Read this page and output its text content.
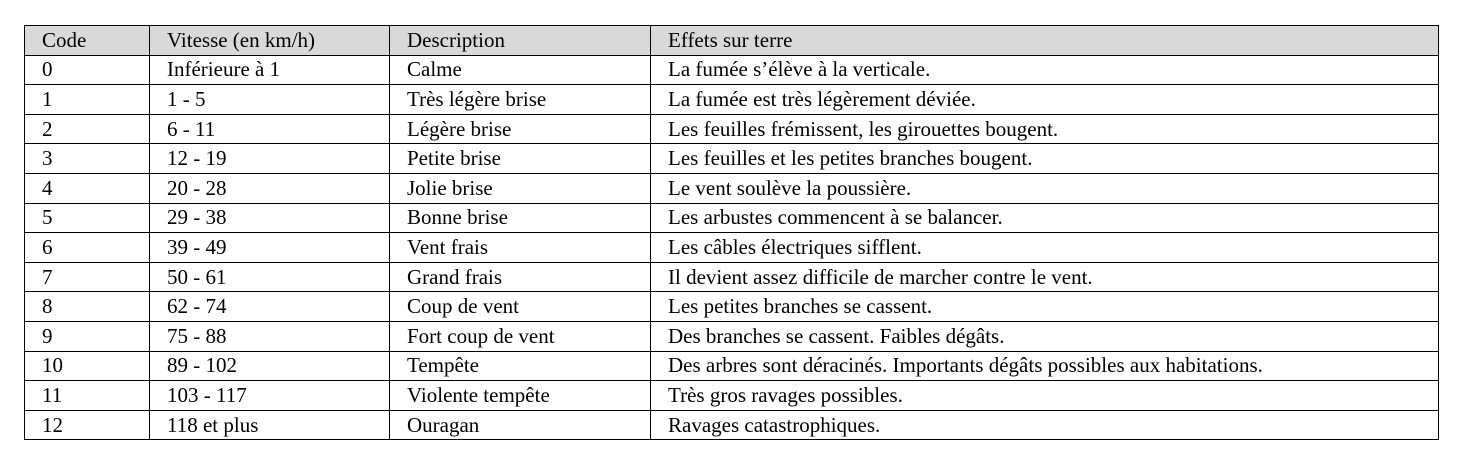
Code	Vitesse (en km/h)	Description	Effets sur terre
0	Inférieure à 1	Calme	La fumée s’élève à la verticale.
1	1 - 5	Très légère brise	La fumée est très légèrement déviée.
2	6 - 11	Légère brise	Les feuilles frémissent, les girouettes bougent.
3	12 - 19	Petite brise	Les feuilles et les petites branches bougent.
4	20 - 28	Jolie brise	Le vent soulève la poussière.
5	29 - 38	Bonne brise	Les arbustes commencent à se balancer.
6	39 - 49	Vent frais	Les câbles électriques sifflent.
7	50 - 61	Grand frais	Il devient assez difficile de marcher contre le vent.
8	62 - 74	Coup de vent	Les petites branches se cassent.
9	75 - 88	Fort coup de vent	Des branches se cassent. Faibles dégâts.
10	89 - 102	Tempête	Des arbres sont déracinés. Importants dégâts possibles aux habitations.
11	103 - 117	Violente tempête	Très gros ravages possibles.
12	118 et plus	Ouragan	Ravages catastrophiques.
